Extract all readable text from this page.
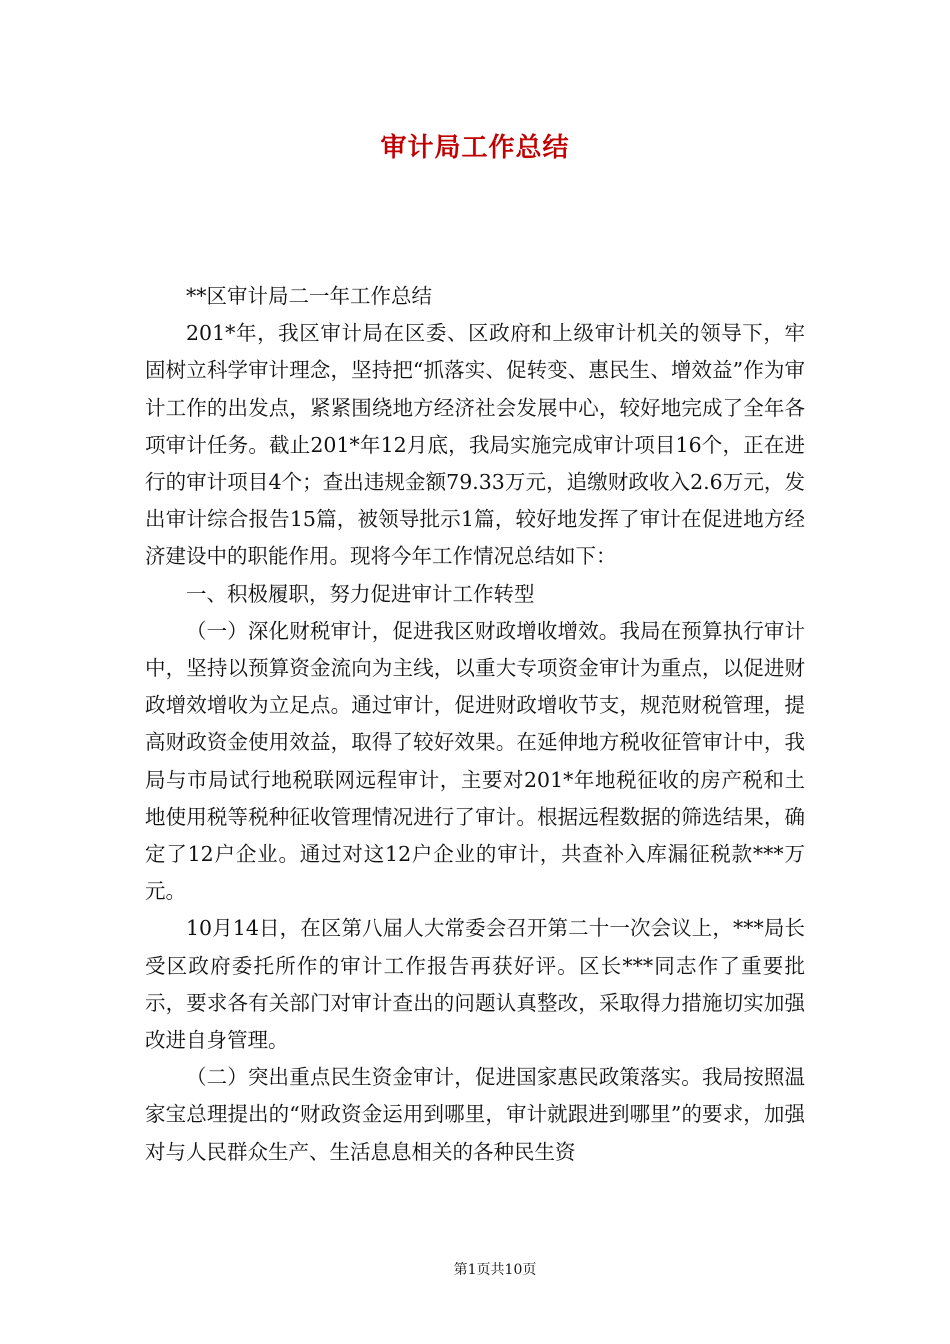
审计局工作总结

**区审计局二一年工作总结

201*年，我区审计局在区委、区政府和上级审计机关的领导下，牢固树立科学审计理念，坚持把“抓落实、促转变、惠民生、增效益”作为审计工作的出发点，紧紧围绕地方经济社会发展中心，较好地完成了全年各项审计任务。截止201*年12月底，我局实施完成审计项目16个，正在进行的审计项目4个；查出违规金额79.33万元，追缴财政收入2.6万元，发出审计综合报告15篇，被领导批示1篇，较好地发挥了审计在促进地方经济建设中的职能作用。现将今年工作情况总结如下：

一、积极履职，努力促进审计工作转型

（一）深化财税审计，促进我区财政增收增效。我局在预算执行审计中，坚持以预算资金流向为主线，以重大专项资金审计为重点，以促进财政增效增收为立足点。通过审计，促进财政增收节支，规范财税管理，提高财政资金使用效益，取得了较好效果。在延伸地方税收征管审计中，我局与市局试行地税联网远程审计，主要对201*年地税征收的房产税和土地使用税等税种征收管理情况进行了审计。根据远程数据的筛选结果，确定了12户企业。通过对这12户企业的审计，共查补入库漏征税款***万元。

10月14日，在区第八届人大常委会召开第二十一次会议上，***局长受区政府委托所作的审计工作报告再获好评。区长***同志作了重要批示，要求各有关部门对审计查出的问题认真整改，采取得力措施切实加强改进自身管理。

（二）突出重点民生资金审计，促进国家惠民政策落实。我局按照温家宝总理提出的“财政资金运用到哪里，审计就跟进到哪里”的要求，加强对与人民群众生产、生活息息相关的各种民生资

第1页共10页
